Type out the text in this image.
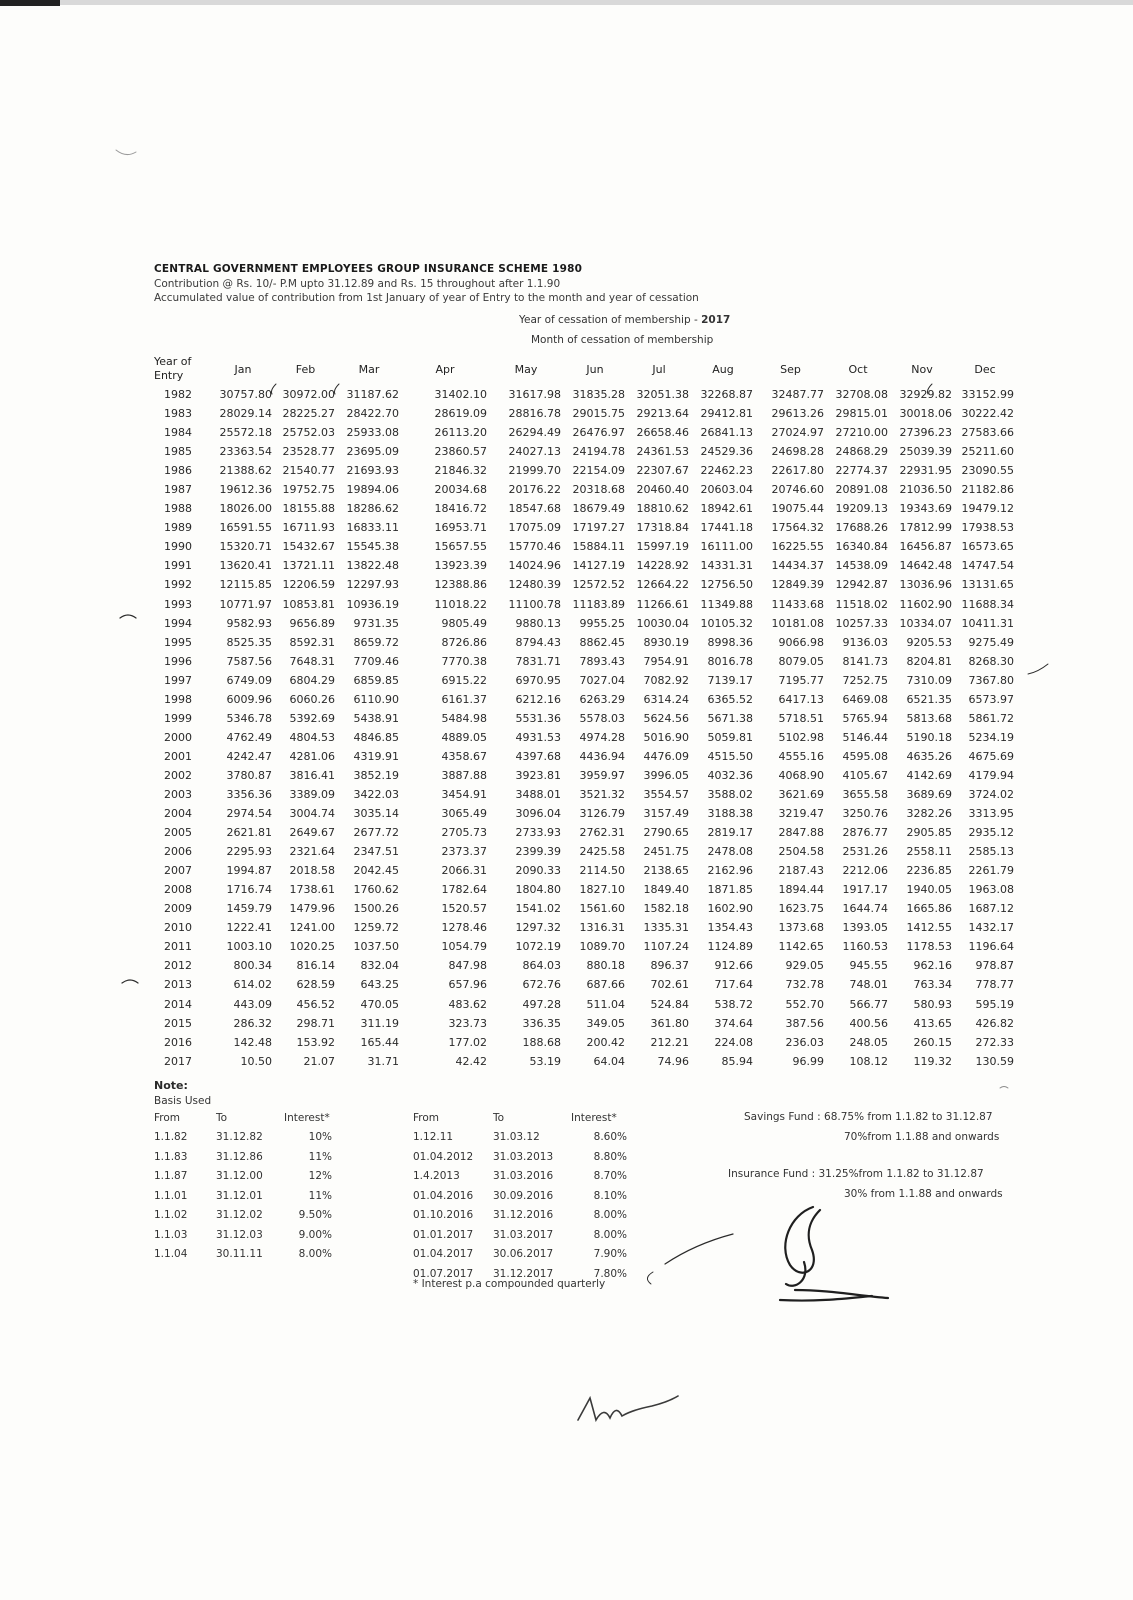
CENTRAL GOVERNMENT EMPLOYEES GROUP INSURANCE SCHEME 1980

Contribution @ Rs. 10/- P.M upto 31.12.89 and Rs. 15 throughout after 1.1.90

Accumulated value of contribution from 1st January of year of Entry to the month and year of cessation

Year of cessation of membership - 2017
Month of cessation of membership
Year of
Entry	Jan	Feb	Mar	Apr	May	Jun	Jul	Aug	Sep	Oct	Nov	Dec
1982	30757.80	30972.00	31187.62	31402.10	31617.98	31835.28	32051.38	32268.87	32487.77	32708.08	32929.82	33152.99
1983	28029.14	28225.27	28422.70	28619.09	28816.78	29015.75	29213.64	29412.81	29613.26	29815.01	30018.06	30222.42
1984	25572.18	25752.03	25933.08	26113.20	26294.49	26476.97	26658.46	26841.13	27024.97	27210.00	27396.23	27583.66
1985	23363.54	23528.77	23695.09	23860.57	24027.13	24194.78	24361.53	24529.36	24698.28	24868.29	25039.39	25211.60
1986	21388.62	21540.77	21693.93	21846.32	21999.70	22154.09	22307.67	22462.23	22617.80	22774.37	22931.95	23090.55
1987	19612.36	19752.75	19894.06	20034.68	20176.22	20318.68	20460.40	20603.04	20746.60	20891.08	21036.50	21182.86
1988	18026.00	18155.88	18286.62	18416.72	18547.68	18679.49	18810.62	18942.61	19075.44	19209.13	19343.69	19479.12
1989	16591.55	16711.93	16833.11	16953.71	17075.09	17197.27	17318.84	17441.18	17564.32	17688.26	17812.99	17938.53
1990	15320.71	15432.67	15545.38	15657.55	15770.46	15884.11	15997.19	16111.00	16225.55	16340.84	16456.87	16573.65
1991	13620.41	13721.11	13822.48	13923.39	14024.96	14127.19	14228.92	14331.31	14434.37	14538.09	14642.48	14747.54
1992	12115.85	12206.59	12297.93	12388.86	12480.39	12572.52	12664.22	12756.50	12849.39	12942.87	13036.96	13131.65
1993	10771.97	10853.81	10936.19	11018.22	11100.78	11183.89	11266.61	11349.88	11433.68	11518.02	11602.90	11688.34
1994	9582.93	9656.89	9731.35	9805.49	9880.13	9955.25	10030.04	10105.32	10181.08	10257.33	10334.07	10411.31
1995	8525.35	8592.31	8659.72	8726.86	8794.43	8862.45	8930.19	8998.36	9066.98	9136.03	9205.53	9275.49
1996	7587.56	7648.31	7709.46	7770.38	7831.71	7893.43	7954.91	8016.78	8079.05	8141.73	8204.81	8268.30
1997	6749.09	6804.29	6859.85	6915.22	6970.95	7027.04	7082.92	7139.17	7195.77	7252.75	7310.09	7367.80
1998	6009.96	6060.26	6110.90	6161.37	6212.16	6263.29	6314.24	6365.52	6417.13	6469.08	6521.35	6573.97
1999	5346.78	5392.69	5438.91	5484.98	5531.36	5578.03	5624.56	5671.38	5718.51	5765.94	5813.68	5861.72
2000	4762.49	4804.53	4846.85	4889.05	4931.53	4974.28	5016.90	5059.81	5102.98	5146.44	5190.18	5234.19
2001	4242.47	4281.06	4319.91	4358.67	4397.68	4436.94	4476.09	4515.50	4555.16	4595.08	4635.26	4675.69
2002	3780.87	3816.41	3852.19	3887.88	3923.81	3959.97	3996.05	4032.36	4068.90	4105.67	4142.69	4179.94
2003	3356.36	3389.09	3422.03	3454.91	3488.01	3521.32	3554.57	3588.02	3621.69	3655.58	3689.69	3724.02
2004	2974.54	3004.74	3035.14	3065.49	3096.04	3126.79	3157.49	3188.38	3219.47	3250.76	3282.26	3313.95
2005	2621.81	2649.67	2677.72	2705.73	2733.93	2762.31	2790.65	2819.17	2847.88	2876.77	2905.85	2935.12
2006	2295.93	2321.64	2347.51	2373.37	2399.39	2425.58	2451.75	2478.08	2504.58	2531.26	2558.11	2585.13
2007	1994.87	2018.58	2042.45	2066.31	2090.33	2114.50	2138.65	2162.96	2187.43	2212.06	2236.85	2261.79
2008	1716.74	1738.61	1760.62	1782.64	1804.80	1827.10	1849.40	1871.85	1894.44	1917.17	1940.05	1963.08
2009	1459.79	1479.96	1500.26	1520.57	1541.02	1561.60	1582.18	1602.90	1623.75	1644.74	1665.86	1687.12
2010	1222.41	1241.00	1259.72	1278.46	1297.32	1316.31	1335.31	1354.43	1373.68	1393.05	1412.55	1432.17
2011	1003.10	1020.25	1037.50	1054.79	1072.19	1089.70	1107.24	1124.89	1142.65	1160.53	1178.53	1196.64
2012	800.34	816.14	832.04	847.98	864.03	880.18	896.37	912.66	929.05	945.55	962.16	978.87
2013	614.02	628.59	643.25	657.96	672.76	687.66	702.61	717.64	732.78	748.01	763.34	778.77
2014	443.09	456.52	470.05	483.62	497.28	511.04	524.84	538.72	552.70	566.77	580.93	595.19
2015	286.32	298.71	311.19	323.73	336.35	349.05	361.80	374.64	387.56	400.56	413.65	426.82
2016	142.48	153.92	165.44	177.02	188.68	200.42	212.21	224.08	236.03	248.05	260.15	272.33
2017	10.50	21.07	31.71	42.42	53.19	64.04	74.96	85.94	96.99	108.12	119.32	130.59

Note:

Basis Used

From	To	Interest*
1.1.82	31.12.82	10%
1.1.83	31.12.86	11%
1.1.87	31.12.00	12%
1.1.01	31.12.01	11%
1.1.02	31.12.02	9.50%
1.1.03	31.12.03	9.00%
1.1.04	30.11.11	8.00%
From	To	Interest*
1.12.11	31.03.12	8.60%
01.04.2012	31.03.2013	8.80%
1.4.2013	31.03.2016	8.70%
01.04.2016	30.09.2016	8.10%
01.10.2016	31.12.2016	8.00%
01.01.2017	31.03.2017	8.00%
01.04.2017	30.06.2017	7.90%
01.07.2017	31.12.2017	7.80%
* Interest p.a compounded quarterly
Savings Fund : 68.75% from 1.1.82 to 31.12.87
70%from 1.1.88 and onwards
Insurance Fund : 31.25%from 1.1.82 to 31.12.87
30% from 1.1.88 and onwards
